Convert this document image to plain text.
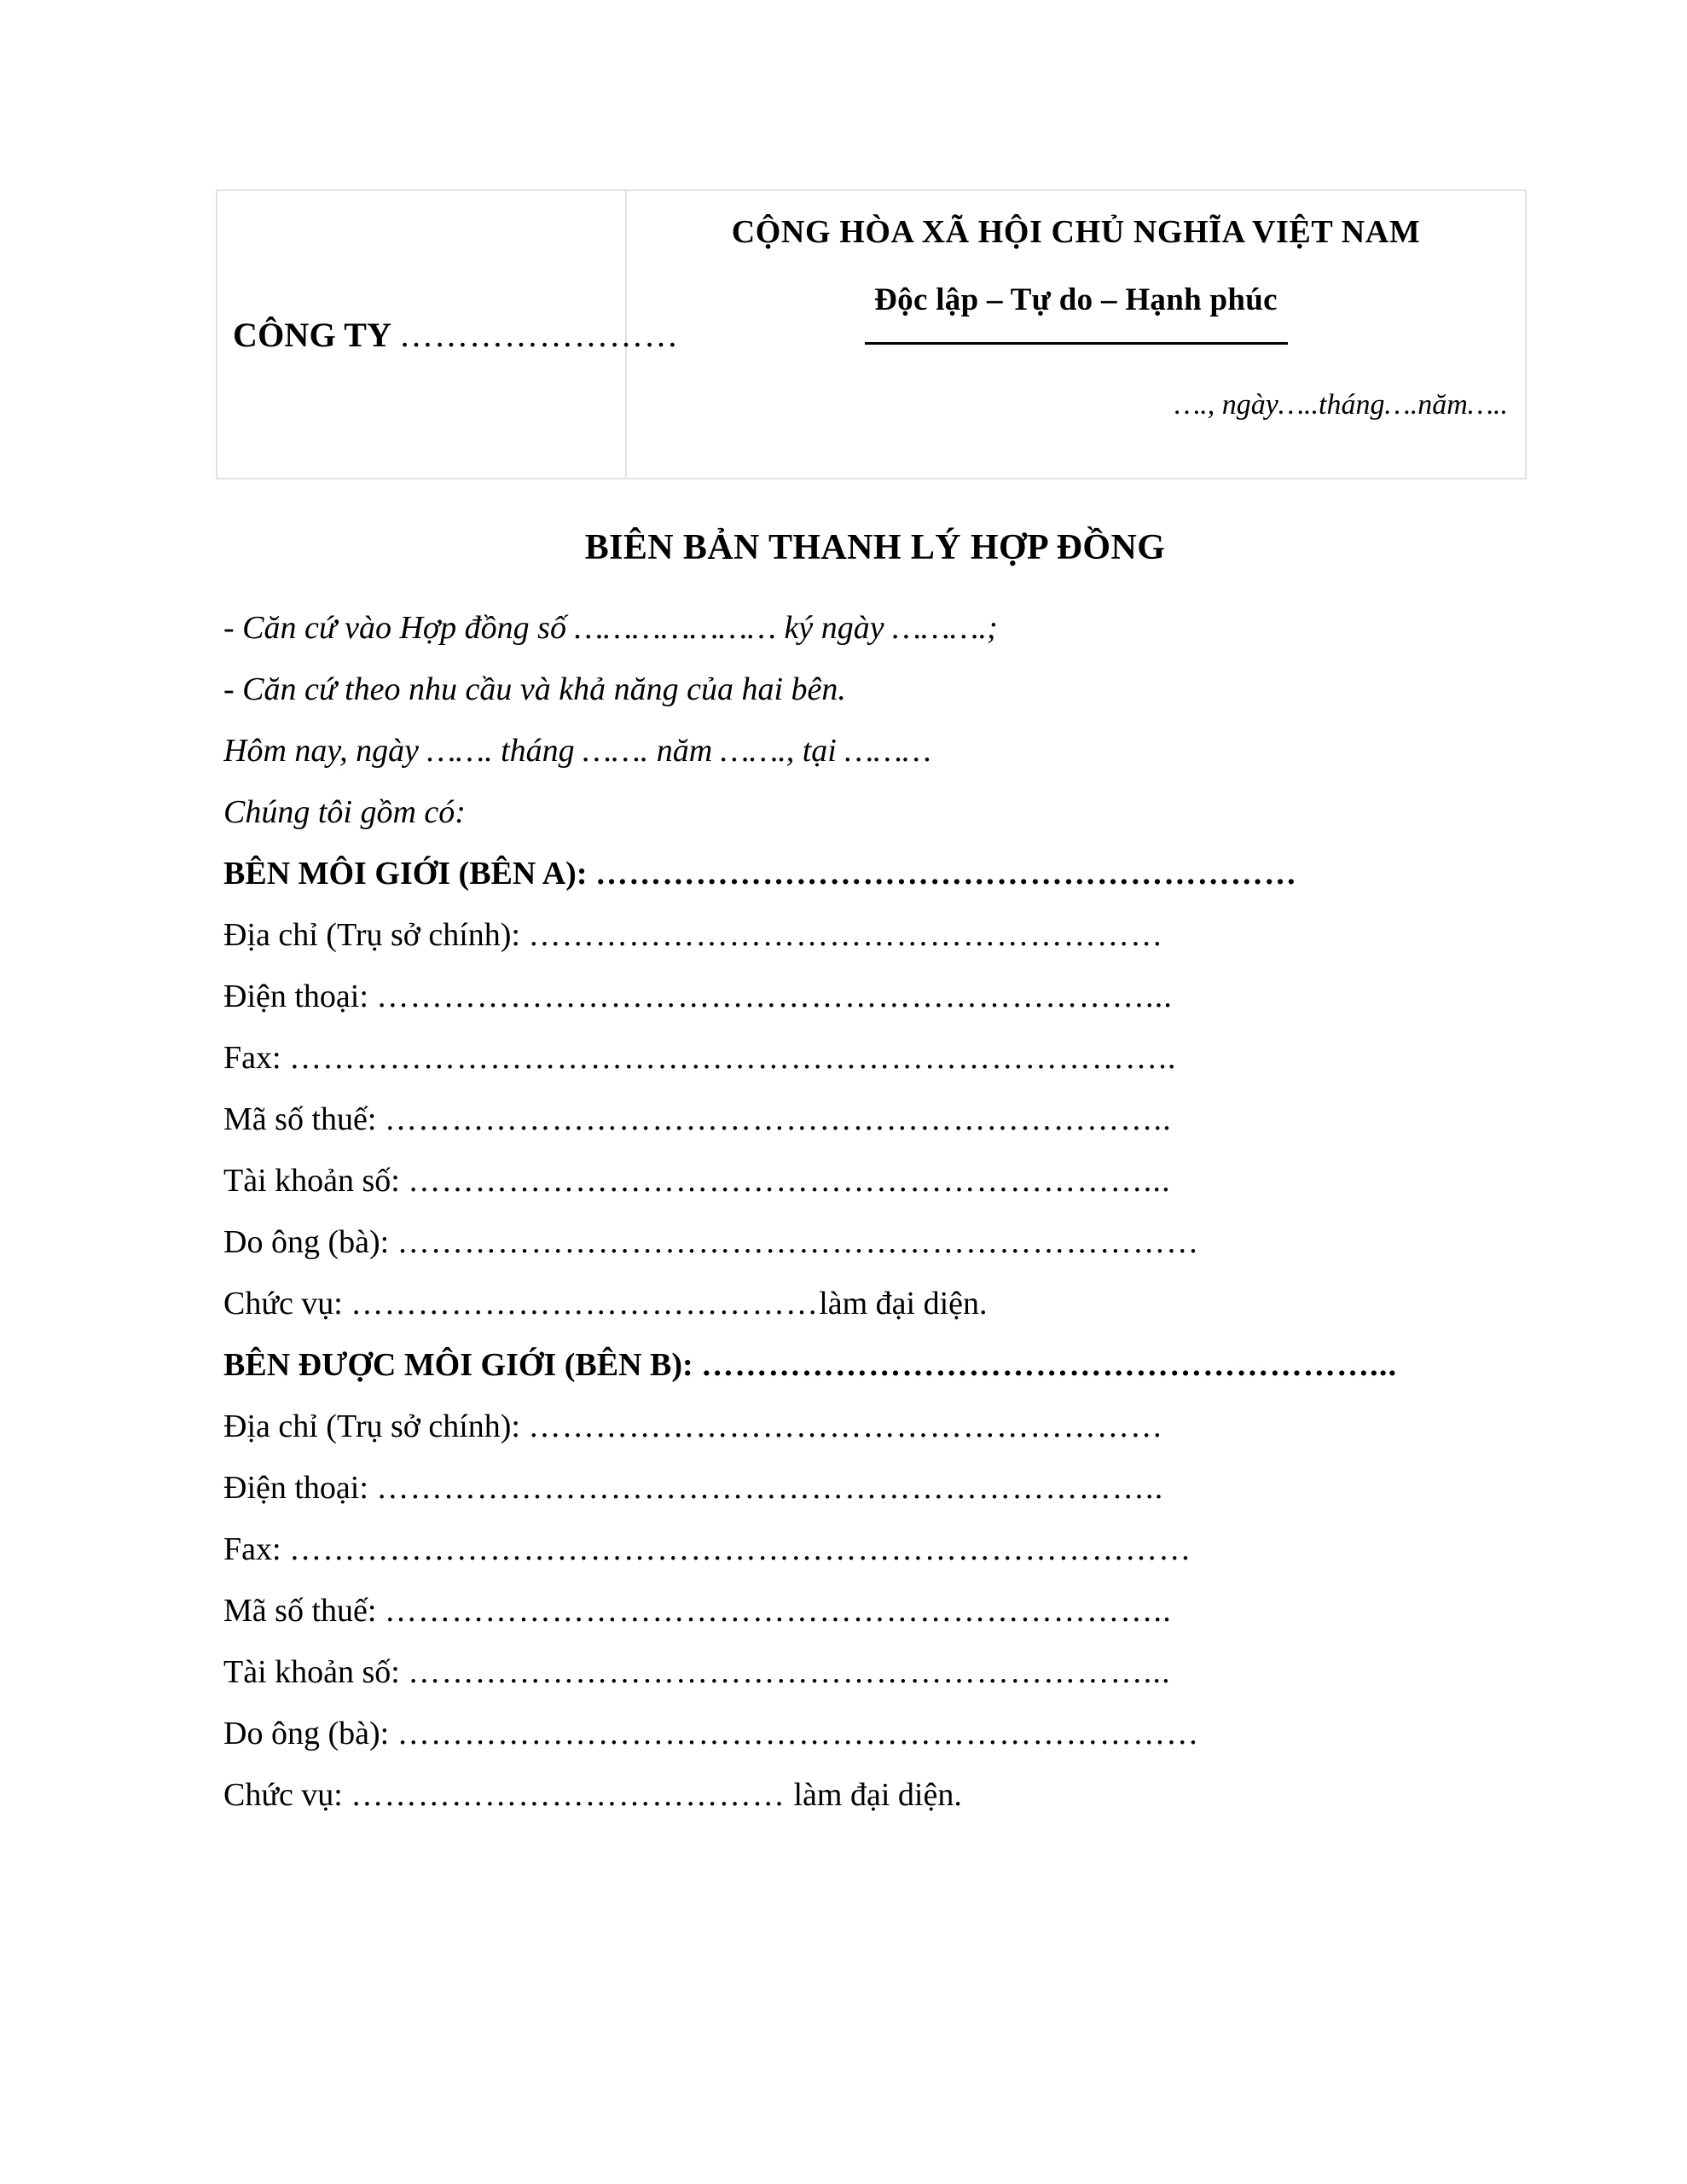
CÔNG TY ……………………

CỘNG HÒA XÃ HỘI CHỦ NGHĨA VIỆT NAM
Độc lập – Tự do – Hạnh phúc
…., ngày…..tháng….năm…..
BIÊN BẢN THANH LÝ HỢP ĐỒNG
- Căn cứ vào Hợp đồng số ………………… ký ngày ……….;
- Căn cứ theo nhu cầu và khả năng của hai bên.
Hôm nay, ngày ……. tháng ……. năm ……., tại ………
Chúng tôi gồm có:
BÊN MÔI GIỚI (BÊN A): ………………………………………………………
Địa chỉ (Trụ sở chính): …………………………………………………
Điện thoại: ……………………………………………………………...
Fax: ……………………………………………………………………..
Mã số thuế: ……………………………………………………………..
Tài khoản số: …………………………………………………………...
Do ông (bà): ………………………………………………………………
Chức vụ: ……………………………………làm đại diện.
BÊN ĐƯỢC MÔI GIỚI (BÊN B): ……………………………………………………...
Địa chỉ (Trụ sở chính): …………………………………………………
Điện thoại: ……………………………………………………………..
Fax: ………………………………………………………………………
Mã số thuế: ……………………………………………………………..
Tài khoản số: …………………………………………………………...
Do ông (bà): ………………………………………………………………
Chức vụ: ………………………………… làm đại diện.
